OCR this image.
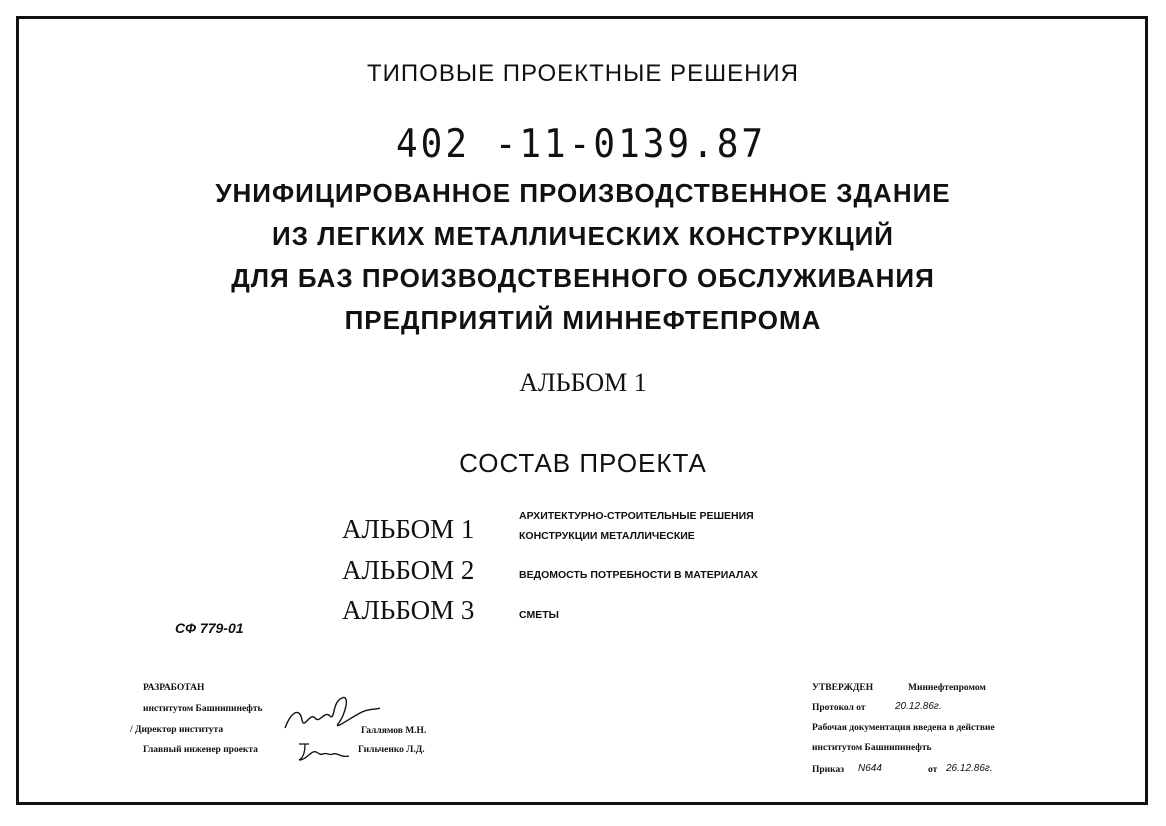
ТИПОВЫЕ ПРОЕКТНЫЕ РЕШЕНИЯ
402 -11-0139.87
УНИФИЦИРОВАННОЕ ПРОИЗВОДСТВЕННОЕ ЗДАНИЕ
ИЗ ЛЕГКИХ МЕТАЛЛИЧЕСКИХ КОНСТРУКЦИЙ
ДЛЯ БАЗ ПРОИЗВОДСТВЕННОГО ОБСЛУЖИВАНИЯ
ПРЕДПРИЯТИЙ МИННЕФТЕПРОМА
АЛЬБОМ 1
СОСТАВ ПРОЕКТА
АЛЬБОМ 1	АРХИТЕКТУРНО-СТРОИТЕЛЬНЫЕ РЕШЕНИЯ
КОНСТРУКЦИИ МЕТАЛЛИЧЕСКИЕ
АЛЬБОМ 2	ВЕДОМОСТЬ ПОТРЕБНОСТИ В МАТЕРИАЛАХ
АЛЬБОМ 3	СМЕТЫ
СФ 779-01
РАЗРАБОТАН
институтом Башнипинефть
/ Директор института	Галлямов М.Н.
Главный инженер проекта	Гильченко Л.Д.
УТВЕРЖДЕН	Миннефтепромом
Протокол от	20.12.86г.
Рабочая документация введена в действие
институтом Башнипинефть
Приказ N644	от 26.12.86г.
